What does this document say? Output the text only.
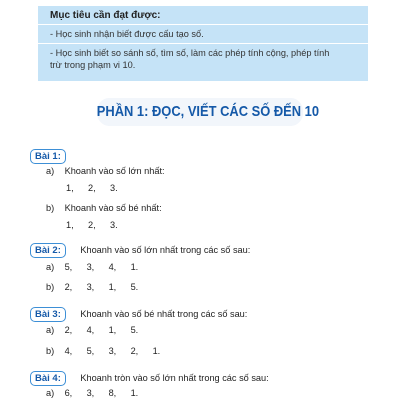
Mục tiêu cần đạt được:
- Học sinh nhận biết được cấu tạo số.
- Học sinh biết so sánh số, tìm số, làm các phép tính cộng, phép tính
trừ trong phạm vi 10.
PHẦN 1: ĐỌC, VIẾT CÁC SỐ ĐẾN 10
Bài 1:
a) Khoanh vào số lớn nhất:
1, 2, 3.
b) Khoanh vào số bé nhất:
1, 2, 3.
Bài 2: Khoanh vào số lớn nhất trong các số sau:
a) 5, 3, 4, 1.
b) 2, 3, 1, 5.
Bài 3: Khoanh vào số bé nhất trong các số sau:
a) 2, 4, 1, 5.
b) 4, 5, 3, 2, 1.
Bài 4: Khoanh tròn vào số lớn nhất trong các số sau:
a) 6, 3, 8, 1.
